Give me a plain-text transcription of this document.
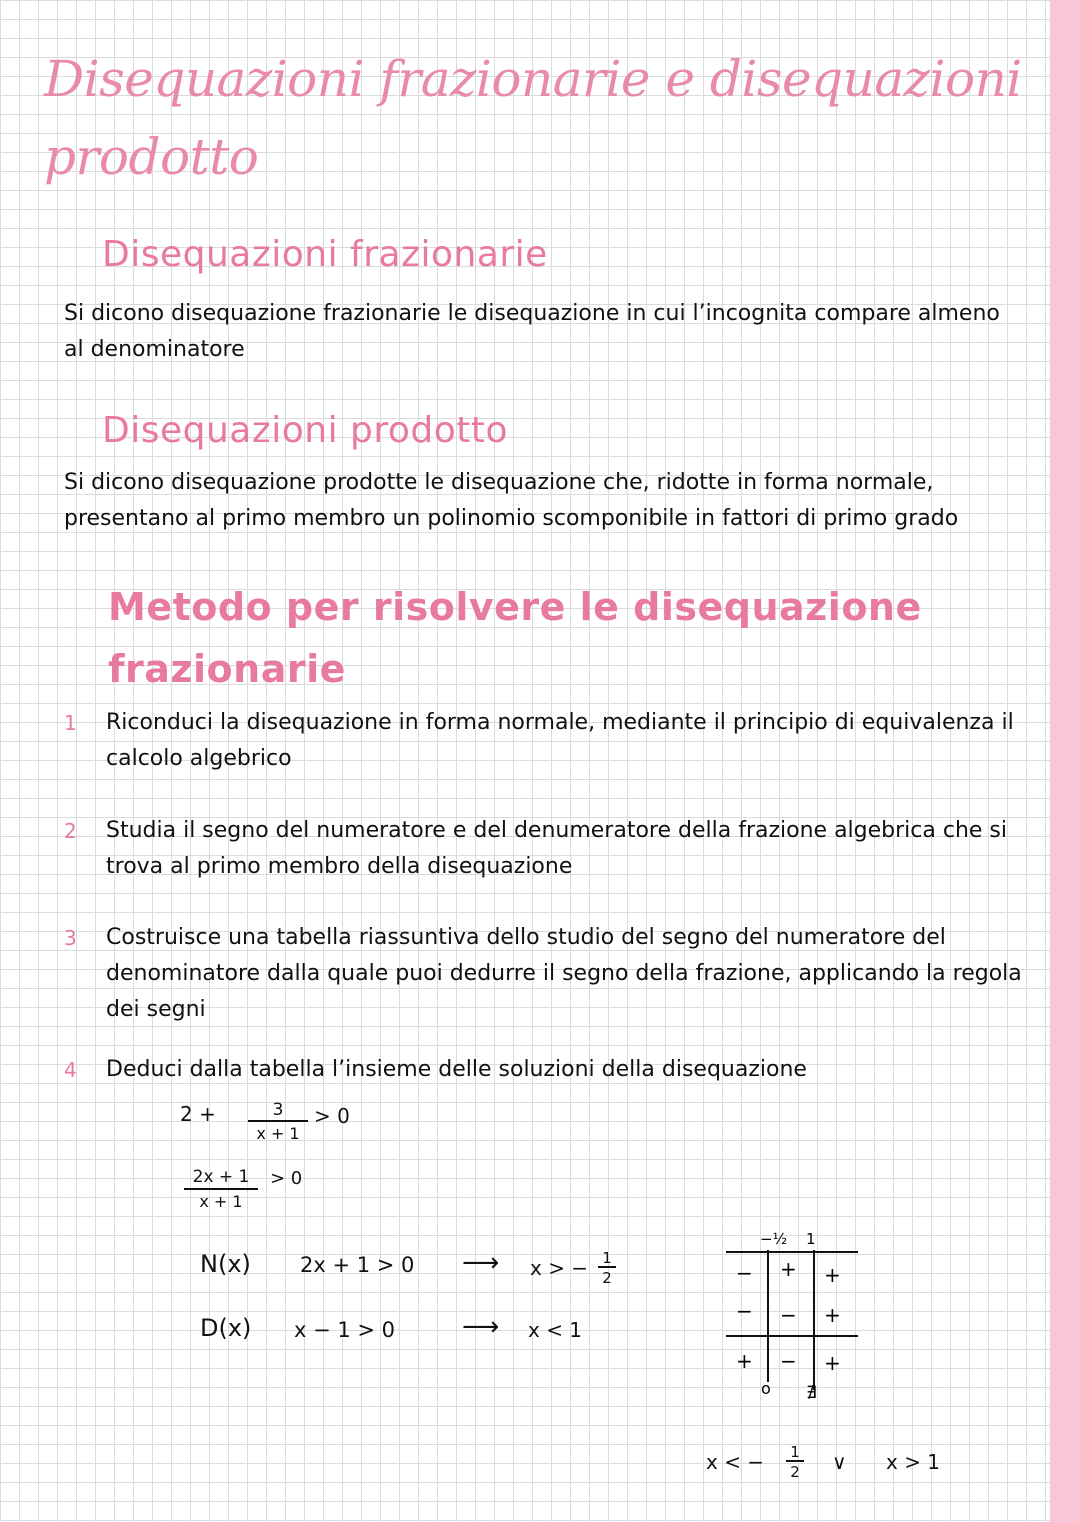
Disequazioni frazionarie e disequazioni prodotto
Disequazioni frazionarie
Si dicono disequazione frazionarie le disequazione in cui l’incognita compare almeno al denominatore
Disequazioni prodotto
Si dicono disequazione prodotte le disequazione che, ridotte in forma normale, presentano al primo membro un polinomio scomponibile in fattori di primo grado
Metodo per risolvere le disequazione frazionarie
1	Riconduci la disequazione in forma normale, mediante il principio di equivalenza il calcolo algebrico
2	Studia il segno del numeratore e del denumeratore della frazione algebrica che si trova al primo membro della disequazione
3	Costruisce una tabella riassuntiva dello studio del segno del numeratore del denominatore dalla quale puoi dedurre il segno della frazione, applicando la regola dei segni
4	Deduci dalla tabella l’insieme delle soluzioni della disequazione
2 +	3
x + 1
> 0
2x + 1
x + 1
> 0
N(x) 2x + 1 > 0 ⟶ x > − 1
2
D(x) x − 1 > 0	⟶ x < 1
−½ 1
− + +
− − +
+ − +
o ∄
x < − 1
2 ∨ x > 1
